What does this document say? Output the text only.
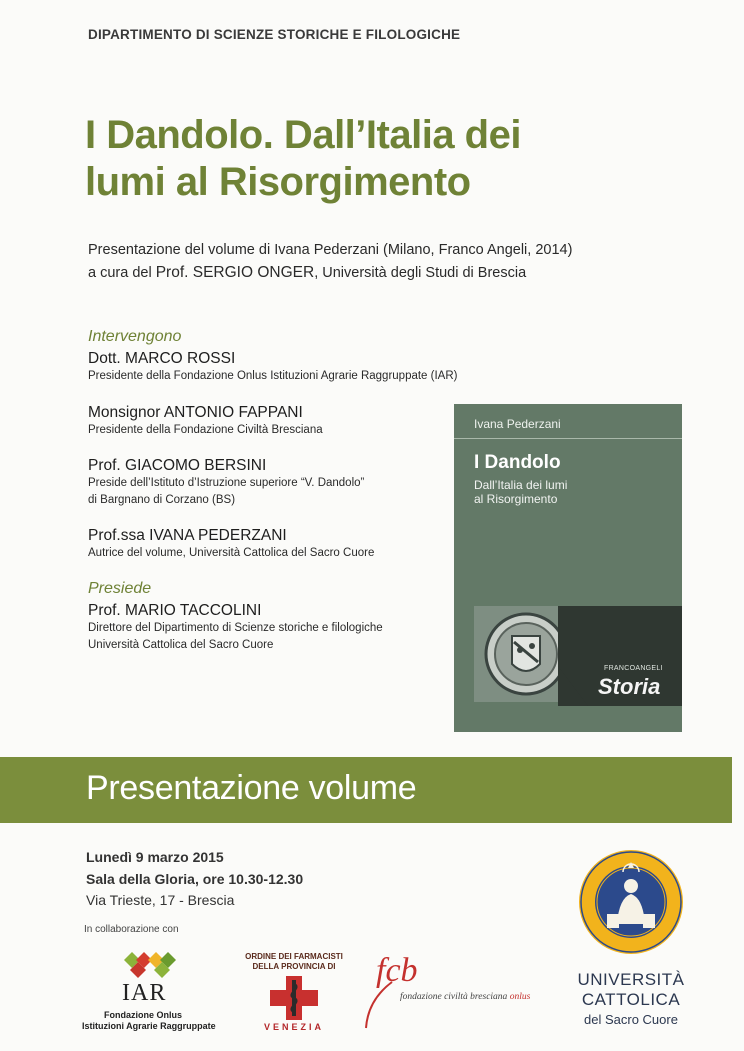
DIPARTIMENTO DI SCIENZE STORICHE E FILOLOGICHE
I Dandolo. Dall’Italia dei
lumi al Risorgimento
Presentazione del volume di Ivana Pederzani (Milano, Franco Angeli, 2014)
a cura del Prof. SERGIO ONGER, Università degli Studi di Brescia
Intervengono
Dott. MARCO ROSSI
Presidente della Fondazione Onlus Istituzioni Agrarie Raggruppate (IAR)
Monsignor ANTONIO FAPPANI
Presidente della Fondazione Civiltà Bresciana
Prof. GIACOMO BERSINI
Preside dell’Istituto d’Istruzione superiore “V. Dandolo”
di Bargnano di Corzano (BS)
Prof.ssa IVANA PEDERZANI
Autrice del volume, Università Cattolica del Sacro Cuore
Presiede
Prof. MARIO TACCOLINI
Direttore del Dipartimento di Scienze storiche e filologiche
Università Cattolica del Sacro Cuore
Ivana Pederzani
I Dandolo
Dall’Italia dei lumi
al Risorgimento
FRANCOANGELI
Storia
Presentazione volume
Lunedì 9 marzo 2015
Sala della Gloria, ore 10.30-12.30
Via Trieste, 17 - Brescia
In collaborazione con
IAR
Fondazione Onlus
Istituzioni Agrarie Raggruppate
ORDINE DEI FARMACISTI
DELLA PROVINCIA DI
VENEZIA
fcb
fondazione civiltà bresciana onlus
UNIVERSITÀ
CATTOLICA
del Sacro Cuore
